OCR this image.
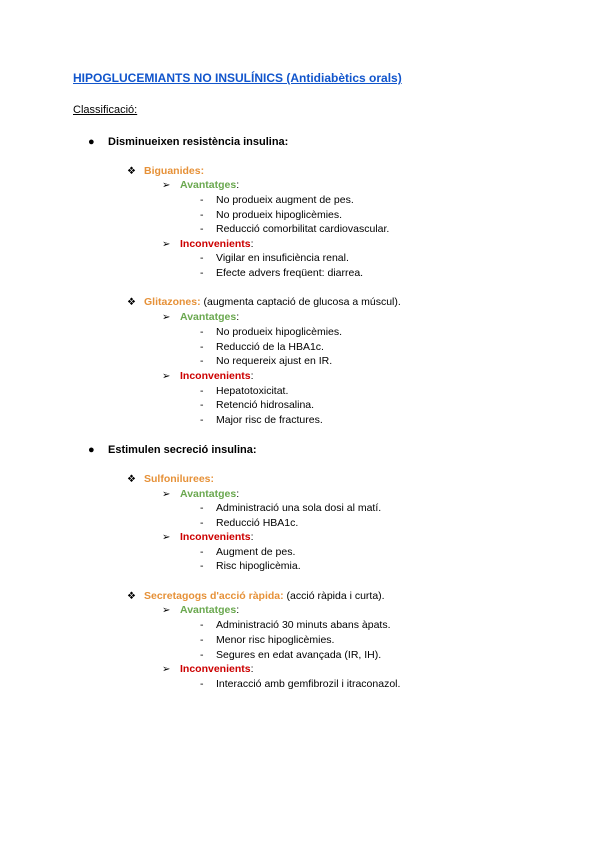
HIPOGLUCEMIANTS NO INSULÍNICS (Antidiabètics orals)
Classificació:
● Disminueixen resistència insulina:
❖ Biguanides:
➢ Avantatges:
- No produeix augment de pes.
- No produeix hipoglicèmies.
- Reducció comorbilitat cardiovascular.
➢ Inconvenients:
- Vigilar en insuficiència renal.
- Efecte advers freqüent: diarrea.
❖ Glitazones: (augmenta captació de glucosa a múscul).
➢ Avantatges:
- No produeix hipoglicèmies.
- Reducció de la HBA1c.
- No requereix ajust en IR.
➢ Inconvenients:
- Hepatotoxicitat.
- Retenció hidrosalina.
- Major risc de fractures.
● Estimulen secreció insulina:
❖ Sulfonilurees:
➢ Avantatges:
- Administració una sola dosi al matí.
- Reducció HBA1c.
➢ Inconvenients:
- Augment de pes.
- Risc hipoglicèmia.
❖ Secretagogs d'acció ràpida: (acció ràpida i curta).
➢ Avantatges:
- Administració 30 minuts abans àpats.
- Menor risc hipoglicèmies.
- Segures en edat avançada (IR, IH).
➢ Inconvenients:
- Interacció amb gemfibrozil i itraconazol.
